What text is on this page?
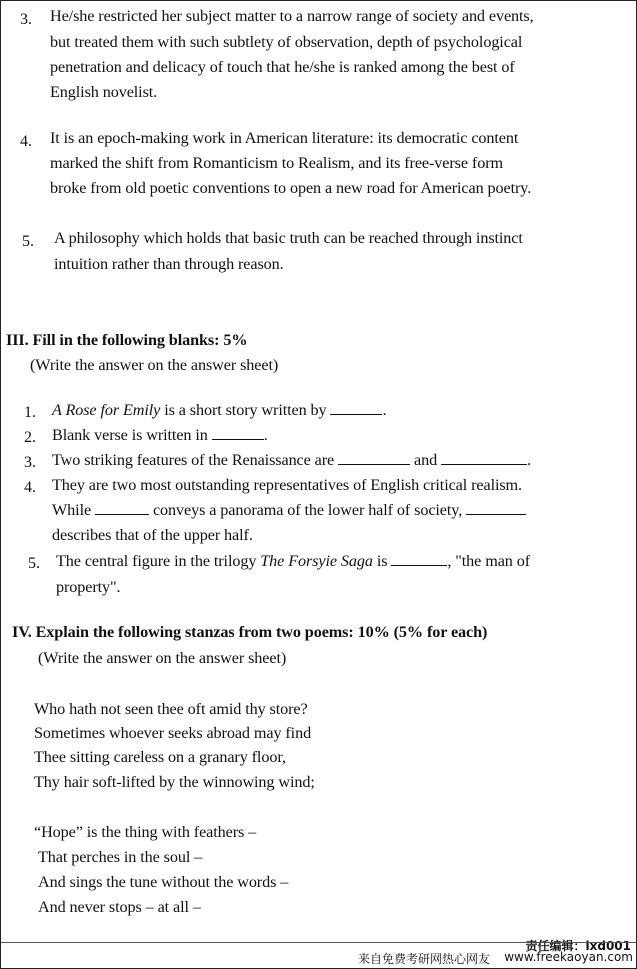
3. He/she restricted her subject matter to a narrow range of society and events,
but treated them with such subtlety of observation, depth of psychological
penetration and delicacy of touch that he/she is ranked among the best of
English novelist.
4. It is an epoch-making work in American literature: its democratic content
marked the shift from Romanticism to Realism, and its free-verse form
broke from old poetic conventions to open a new road for American poetry.
5. A philosophy which holds that basic truth can be reached through instinct
intuition rather than through reason.
III. Fill in the following blanks: 5%
(Write the answer on the answer sheet)
1. A Rose for Emily is a short story written by	.
2. Blank verse is written in	.
3. Two striking features of the Renaissance are	and	.
4. They are two most outstanding representatives of English critical realism.
While	conveys a panorama of the lower half of society,
describes that of the upper half.
5. The central figure in the trilogy The Forsyie Saga is	, "the man of
property".
IV. Explain the following stanzas from two poems: 10% (5% for each)
(Write the answer on the answer sheet)
Who hath not seen thee oft amid thy store?
Sometimes whoever seeks abroad may find
Thee sitting careless on a granary floor,
Thy hair soft-lifted by the winnowing wind;
“Hope” is the thing with feathers –
That perches in the soul –
And sings the tune without the words –
And never stops – at all –
责任编辑：lxd001
来自免费考研网热心网友 www.freekaoyan.com
